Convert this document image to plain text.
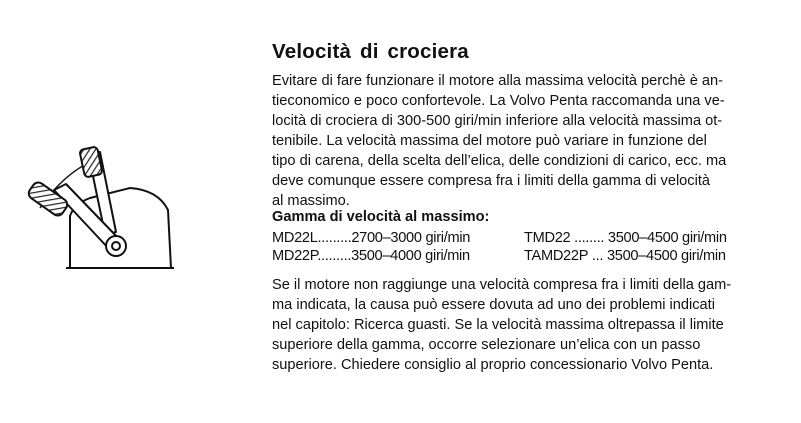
Velocità di crociera
Evitare di fare funzionare il motore alla massima velocità perchè è an-
tieconomico e poco confortevole. La Volvo Penta raccomanda una ve-
locità di crociera di 300-500 giri/min inferiore alla velocità massima ot-
tenibile. La velocità massima del motore può variare in funzione del
tipo di carena, della scelta dell’elica, delle condizioni di carico, ecc. ma
deve comunque essere compresa fra i limiti della gamma di velocità
al massimo.
Gamma di velocità al massimo:
MD22L.........2700–3000 giri/min
MD22P.........3500–4000 giri/min
TMD22 ........ 3500–4500 giri/min
TAMD22P ... 3500–4500 giri/min
Se il motore non raggiunge una velocità compresa fra i limiti della gam-
ma indicata, la causa può essere dovuta ad uno dei problemi indicati
nel capitolo: Ricerca guasti. Se la velocità massima oltrepassa il limite
superiore della gamma, occorre selezionare un’elica con un passo
superiore. Chiedere consiglio al proprio concessionario Volvo Penta.
